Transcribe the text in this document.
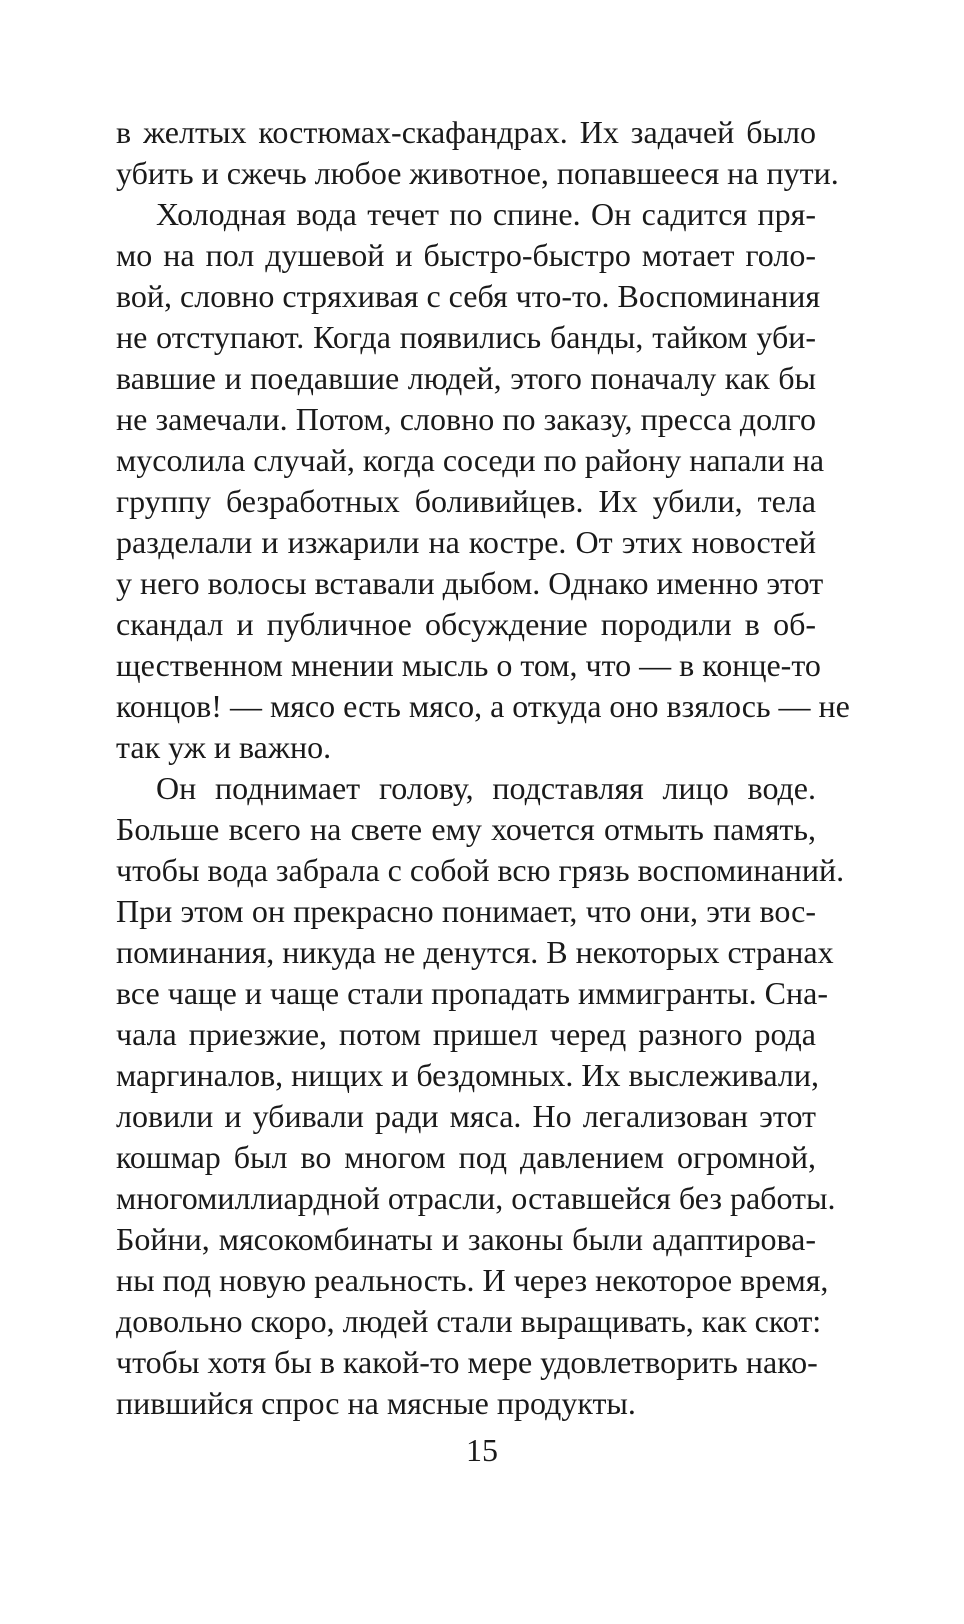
в желтых костюмах-скафандрах. Их задачей было
убить и сжечь любое животное, попавшееся на пути.
Холодная вода течет по спине. Он садится пря-
мо на пол душевой и быстро-быстро мотает голо-
вой, словно стряхивая с себя что-то. Воспоминания
не отступают. Когда появились банды, тайком уби-
вавшие и поедавшие людей, этого поначалу как бы
не замечали. Потом, словно по заказу, пресса долго
мусолила случай, когда соседи по району напали на
группу безработных боливийцев. Их убили, тела
разделали и изжарили на костре. От этих новостей
у него волосы вставали дыбом. Однако именно этот
скандал и публичное обсуждение породили в об-
щественном мнении мысль о том, что — в конце-то
концов! — мясо есть мясо, а откуда оно взялось — не
так уж и важно.
Он поднимает голову, подставляя лицо воде.
Больше всего на свете ему хочется отмыть память,
чтобы вода забрала с собой всю грязь воспоминаний.
При этом он прекрасно понимает, что они, эти вос-
поминания, никуда не денутся. В некоторых странах
все чаще и чаще стали пропадать иммигранты. Сна-
чала приезжие, потом пришел черед разного рода
маргиналов, нищих и бездомных. Их выслеживали,
ловили и убивали ради мяса. Но легализован этот
кошмар был во многом под давлением огромной,
многомиллиардной отрасли, оставшейся без работы.
Бойни, мясокомбинаты и законы были адаптирова-
ны под новую реальность. И через некоторое время,
довольно скоро, людей стали выращивать, как скот:
чтобы хотя бы в какой-то мере удовлетворить нако-
пившийся спрос на мясные продукты.
15
